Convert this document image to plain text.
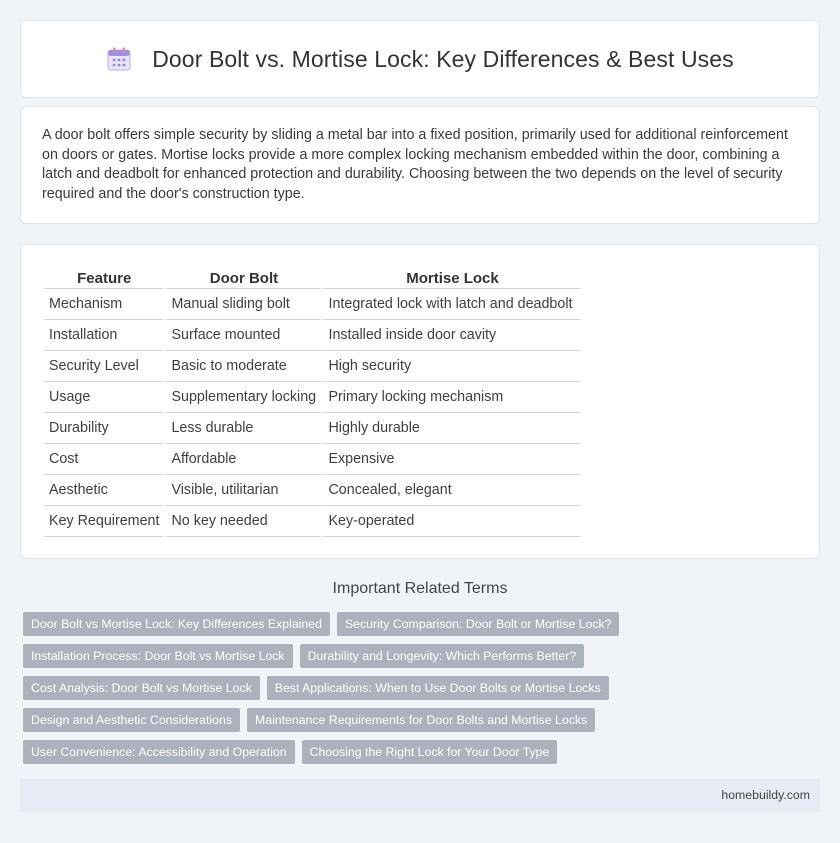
Door Bolt vs. Mortise Lock: Key Differences & Best Uses

A door bolt offers simple security by sliding a metal bar into a fixed position, primarily used for additional reinforcement on doors or gates. Mortise locks provide a more complex locking mechanism embedded within the door, combining a latch and deadbolt for enhanced protection and durability. Choosing between the two depends on the level of security required and the door's construction type.

Feature	Door Bolt	Mortise Lock
Mechanism	Manual sliding bolt	Integrated lock with latch and deadbolt
Installation	Surface mounted	Installed inside door cavity
Security Level	Basic to moderate	High security
Usage	Supplementary locking	Primary locking mechanism
Durability	Less durable	Highly durable
Cost	Affordable	Expensive
Aesthetic	Visible, utilitarian	Concealed, elegant
Key Requirement	No key needed	Key-operated
Important Related Terms
Door Bolt vs Mortise Lock: Key Differences Explained	Security Comparison: Door Bolt or Mortise Lock?
Installation Process: Door Bolt vs Mortise Lock	Durability and Longevity: Which Performs Better?
Cost Analysis: Door Bolt vs Mortise Lock	Best Applications: When to Use Door Bolts or Mortise Locks
Design and Aesthetic Considerations	Maintenance Requirements for Door Bolts and Mortise Locks
User Convenience: Accessibility and Operation	Choosing the Right Lock for Your Door Type
homebuildy.com
